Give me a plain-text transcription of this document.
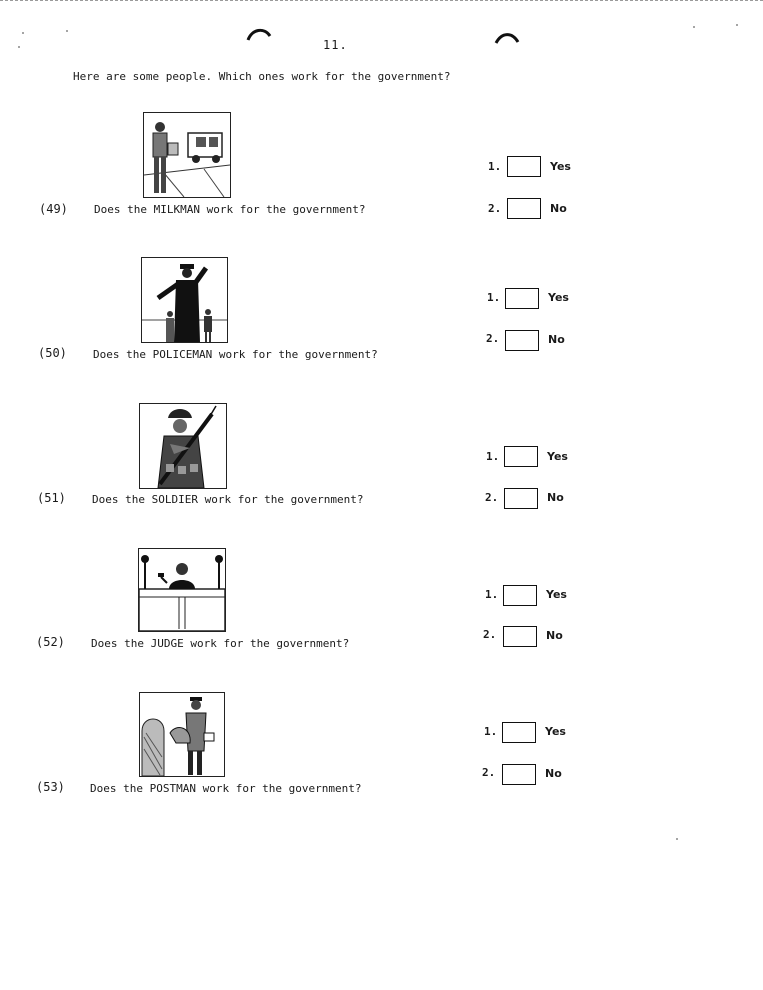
11.
Here are some people. Which ones work for the government?
(49) Does the MILKMAN work for the government?
1.	Yes
2.	No
(50) Does the POLICEMAN work for the government?
1.	Yes
2.	No
(51) Does the SOLDIER work for the government?
1.	Yes
2.	No
(52) Does the JUDGE work for the government?
1.	Yes
2.	No
(53) Does the POSTMAN work for the government?
1.	Yes
2.	No
